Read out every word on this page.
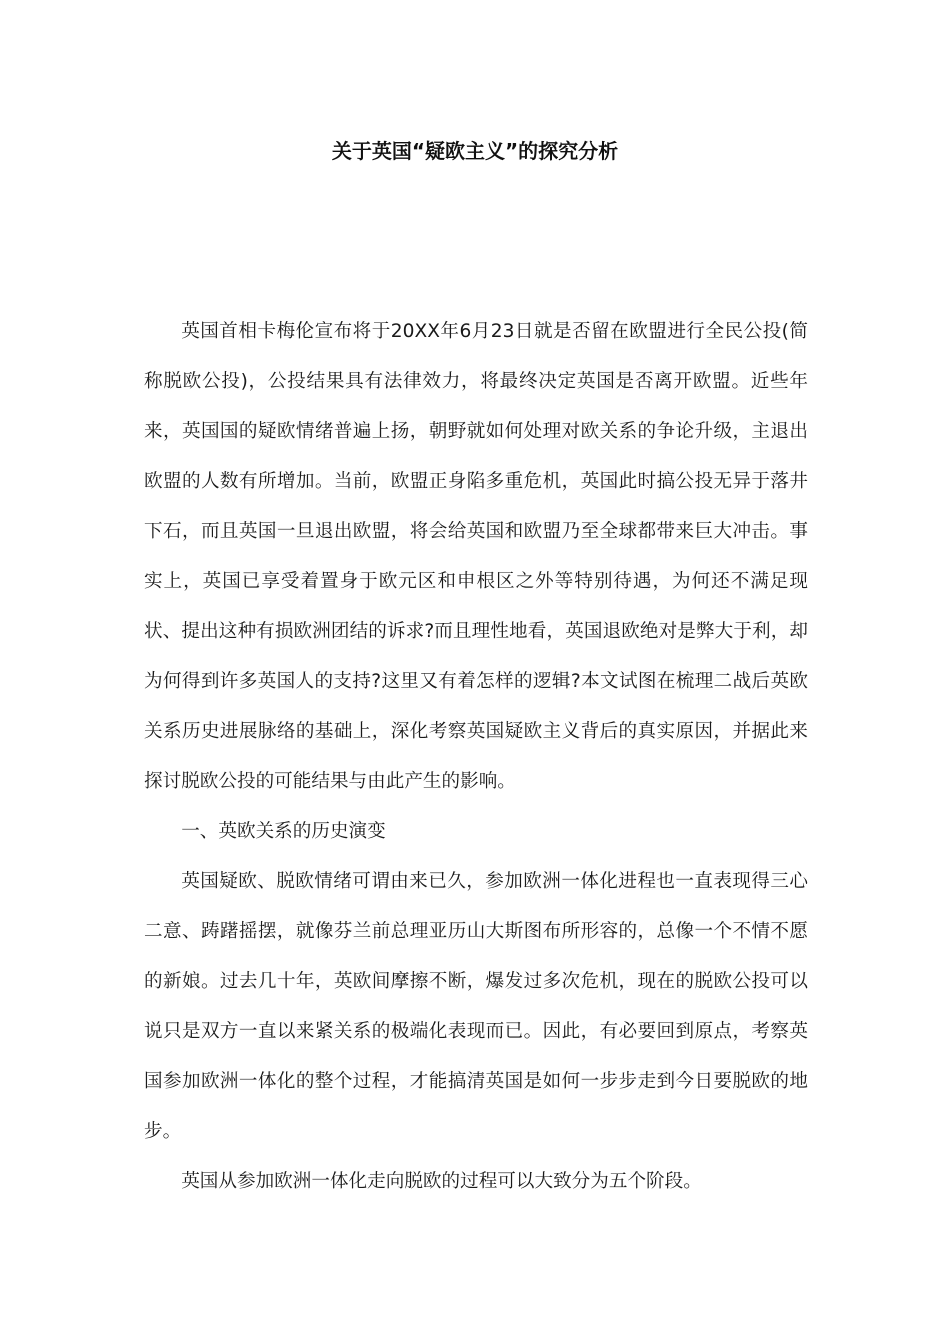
关于英国“疑欧主义”的探究分析

英国首相卡梅伦宣布将于20XX年6月23日就是否留在欧盟进行全民公投(简称脱欧公投)，公投结果具有法律效力，将最终决定英国是否离开欧盟。近些年来，英国国的疑欧情绪普遍上扬，朝野就如何处理对欧关系的争论升级，主退出欧盟的人数有所增加。当前，欧盟正身陷多重危机，英国此时搞公投无异于落井下石，而且英国一旦退出欧盟，将会给英国和欧盟乃至全球都带来巨大冲击。事实上，英国已享受着置身于欧元区和申根区之外等特别待遇，为何还不满足现状、提出这种有损欧洲团结的诉求?而且理性地看，英国退欧绝对是弊大于利，却为何得到许多英国人的支持?这里又有着怎样的逻辑?本文试图在梳理二战后英欧关系历史进展脉络的基础上，深化考察英国疑欧主义背后的真实原因，并据此来探讨脱欧公投的可能结果与由此产生的影响。

一、英欧关系的历史演变

英国疑欧、脱欧情绪可谓由来已久，参加欧洲一体化进程也一直表现得三心二意、踌躇摇摆，就像芬兰前总理亚历山大斯图布所形容的，总像一个不情不愿的新娘。过去几十年，英欧间摩擦不断，爆发过多次危机，现在的脱欧公投可以说只是双方一直以来紧关系的极端化表现而已。因此，有必要回到原点，考察英国参加欧洲一体化的整个过程，才能搞清英国是如何一步步走到今日要脱欧的地步。

英国从参加欧洲一体化走向脱欧的过程可以大致分为五个阶段。
